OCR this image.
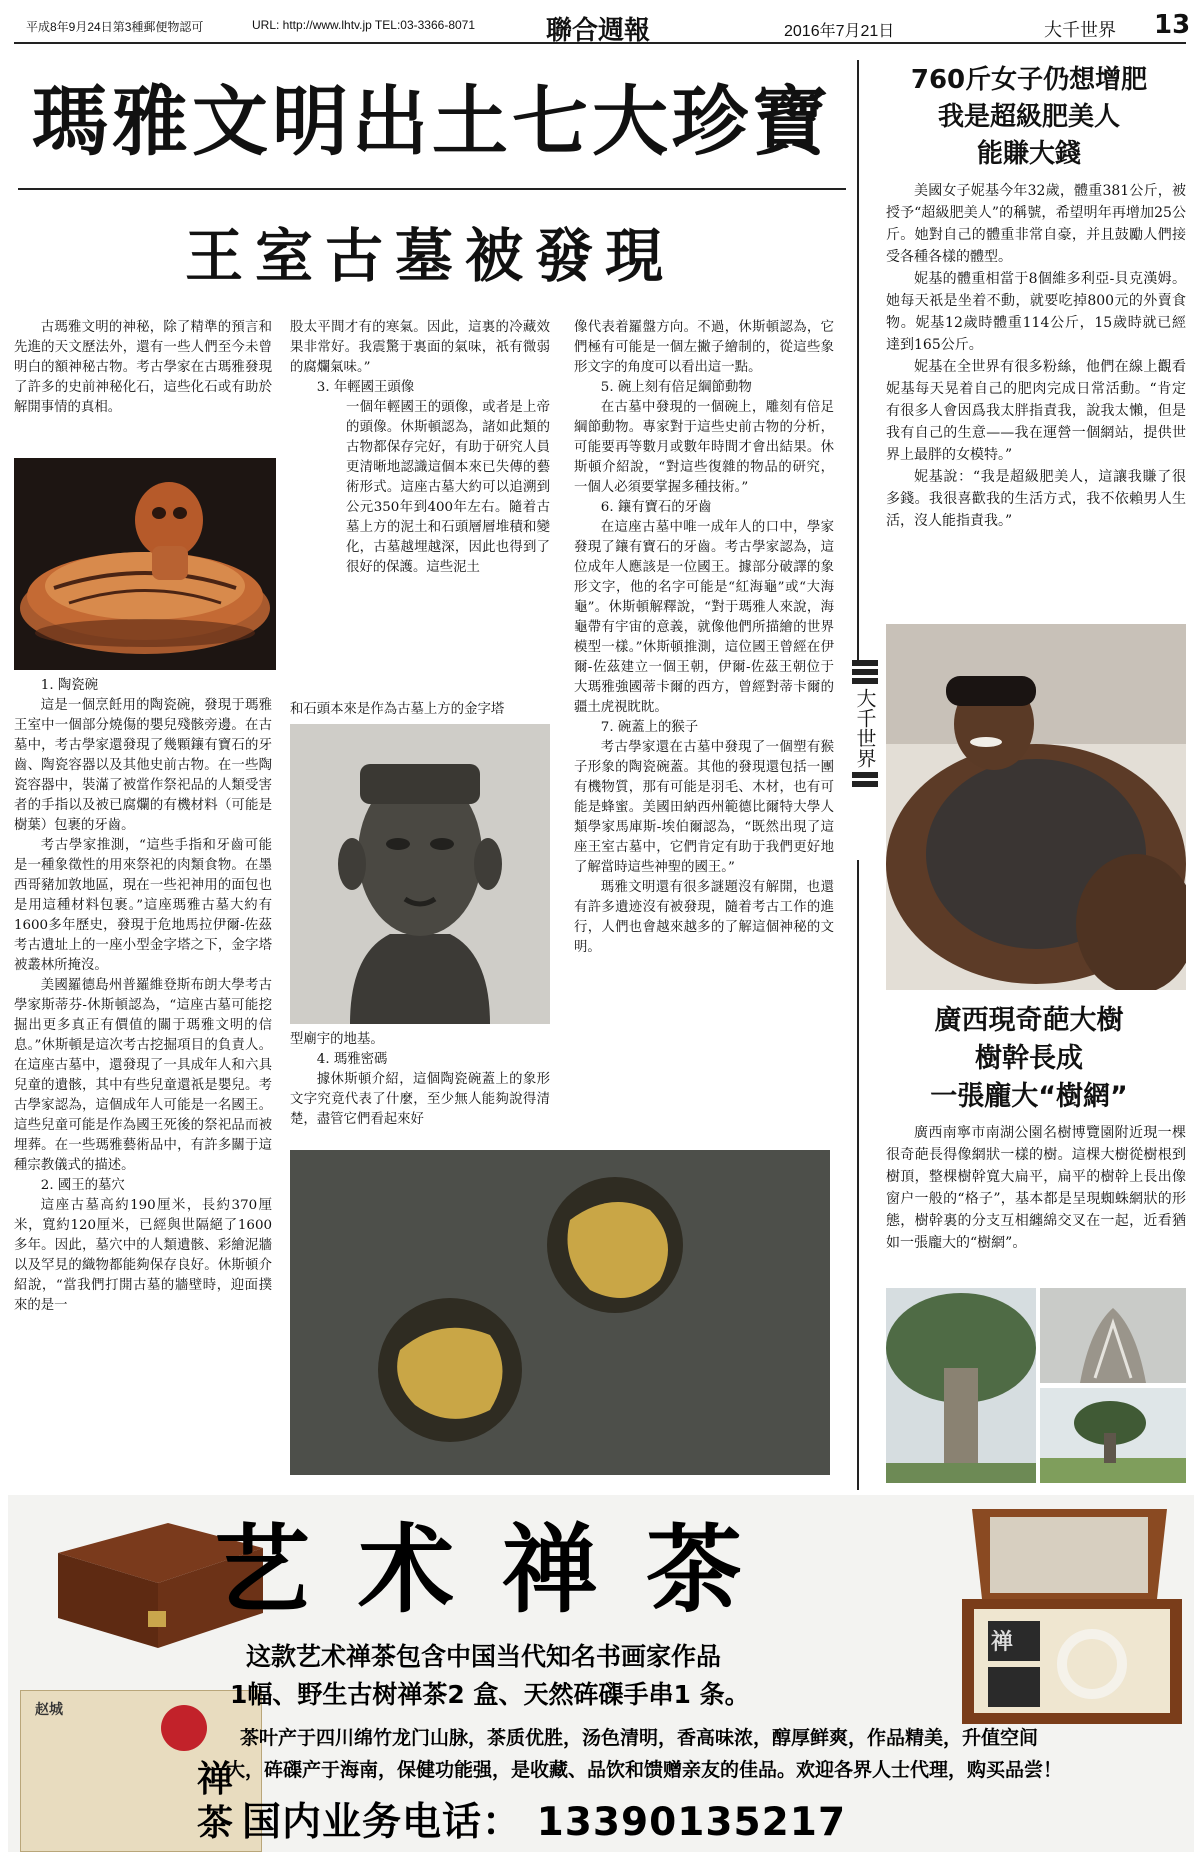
平成8年9月24日第3種郵便物認可	URL: http://www.lhtv.jp TEL:03-3366-8071	聯合週報	2016年7月21日	大千世界 13
瑪雅文明出土七大珍寶
王室古墓被發現

古瑪雅文明的神秘，除了精準的預言和先進的天文歷法外，還有一些人們至今未曾明白的額神秘古物。考古學家在古瑪雅發現了許多的史前神秘化石，這些化石或有助於解開事情的真相。

1. 陶瓷碗

這是一個烹飪用的陶瓷碗，發現于瑪雅王室中一個部分燒傷的嬰兒殘骸旁邊。在古墓中，考古學家還發現了幾顆鑲有寶石的牙齒、陶瓷容器以及其他史前古物。在一些陶瓷容器中，裝滿了被當作祭祀品的人類受害者的手指以及被已腐爛的有機材料（可能是樹葉）包裹的牙齒。

考古學家推測，“這些手指和牙齒可能是一種象徵性的用來祭祀的肉類食物。在墨西哥豬加敦地區，現在一些祀神用的面包也是用這種材料包裹。”這座瑪雅古墓大約有1600多年歷史，發現于危地馬拉伊爾-佐茲考古遺址上的一座小型金字塔之下，金字塔被叢林所掩沒。

美國羅德島州普羅維登斯布朗大學考古學家斯蒂芬-休斯頓認為，“這座古墓可能挖掘出更多真正有價值的關于瑪雅文明的信息。”休斯頓是這次考古挖掘項目的負責人。在這座古墓中，還發現了一具成年人和六具兒童的遺骸，其中有些兒童還祇是嬰兒。考古學家認為，這個成年人可能是一名國王。這些兒童可能是作為國王死後的祭祀品而被埋葬。在一些瑪雅藝術品中，有許多關于這種宗教儀式的描述。

2. 國王的墓穴

這座古墓高約190厘米，長約370厘米，寬約120厘米，已經與世隔絕了1600多年。因此，墓穴中的人類遺骸、彩繪泥牆以及罕見的織物都能夠保存良好。休斯頓介紹說，“當我們打開古墓的牆壁時，迎面撲來的是一

股太平間才有的寒氣。因此，這裏的冷藏效果非常好。我震驚于裏面的氣味，祇有微弱的腐爛氣味。”

3. 年輕國王頭像

一個年輕國王的頭像，或者是上帝的頭像。休斯頓認為，諸如此類的古物都保存完好，有助于研究人員更清晰地認識這個本來已失傳的藝術形式。這座古墓大約可以追溯到公元350年到400年左右。隨着古墓上方的泥土和石頭層層堆積和變化，古墓越埋越深，因此也得到了很好的保護。這些泥土

和石頭本來是作為古墓上方的金字塔

型廟宇的地基。

4. 瑪雅密碼

據休斯頓介紹，這個陶瓷碗蓋上的象形文字究竟代表了什麼，至少無人能夠說得清楚，盡管它們看起來好

像代表着羅盤方向。不過，休斯頓認為，它們極有可能是一個左撇子繪制的，從這些象形文字的角度可以看出這一點。

5. 碗上刻有倍足綱節動物

在古墓中發現的一個碗上，雕刻有倍足綱節動物。專家對于這些史前古物的分析，可能要再等數月或數年時間才會出結果。休斯頓介紹說，“對這些復雜的物品的研究，一個人必須要掌握多種技術。”

6. 鑲有寶石的牙齒

在這座古墓中唯一成年人的口中，學家發現了鑲有寶石的牙齒。考古學家認為，這位成年人應該是一位國王。據部分破譯的象形文字，他的名字可能是“紅海龜”或“大海龜”。休斯頓解釋說，“對于瑪雅人來說，海龜帶有宇宙的意義，就像他們所描繪的世界模型一樣。”休斯頓推測，這位國王曾經在伊爾-佐茲建立一個王朝，伊爾-佐茲王朝位于大瑪雅強國蒂卡爾的西方，曾經對蒂卡爾的疆土虎視眈眈。

7. 碗蓋上的猴子

考古學家還在古墓中發現了一個塑有猴子形象的陶瓷碗蓋。其他的發現還包括一團有機物質，那有可能是羽毛、木材，也有可能是蜂蜜。美國田納西州範德比爾特大學人類學家馬庫斯-埃伯爾認為，“既然出現了這座王室古墓中，它們肯定有助于我們更好地了解當時這些神聖的國王。”

瑪雅文明還有很多謎題沒有解開，也還有許多遺迹沒有被發現，隨着考古工作的進行，人們也會越來越多的了解這個神秘的文明。

760斤女子仍想增肥
我是超級肥美人
能賺大錢

美國女子妮基今年32歲，體重381公斤，被授予“超級肥美人”的稱號，希望明年再增加25公斤。她對自己的體重非常自豪，并且鼓勵人們接受各種各樣的體型。

妮基的體重相當于8個維多利亞-貝克漢姆。她每天祇是坐着不動，就要吃掉800元的外賣食物。妮基12歲時體重114公斤，15歲時就已經達到165公斤。

妮基在全世界有很多粉絲，他們在線上觀看妮基每天晃着自己的肥肉完成日常活動。“肯定有很多人會因爲我太胖指責我，說我太懶，但是我有自己的生意——我在運營一個網站，提供世界上最胖的女模特。”

妮基說：“我是超級肥美人，這讓我賺了很多錢。我很喜歡我的生活方式，我不依賴男人生活，沒人能指責我。”

大千世界
廣西現奇葩大樹
樹幹長成
一張龐大“樹網”

廣西南寧市南湖公園名樹博覽園附近現一棵很奇葩長得像網狀一樣的樹。這棵大樹從樹根到樹頂，整棵樹幹寬大扁平，扁平的樹幹上長出像窗户一般的“格子”，基本都是呈現蜘蛛網狀的形態，樹幹裏的分支互相纏綿交叉在一起，近看猶如一張龐大的“樹網”。

禅
赵城
禅
茶
艺术禅茶
这款艺术禅茶包含中国当代知名书画家作品
1幅、野生古树禅茶2 盒、天然砗磲手串1 条。
茶叶产于四川绵竹龙门山脉，茶质优胜，汤色清明，香高味浓，醇厚鲜爽，作品精美，升值空间
大，砗磲产于海南，保健功能强，是收藏、品饮和馈赠亲友的佳品。欢迎各界人士代理，购买品尝！
国内业务电话： 13390135217
